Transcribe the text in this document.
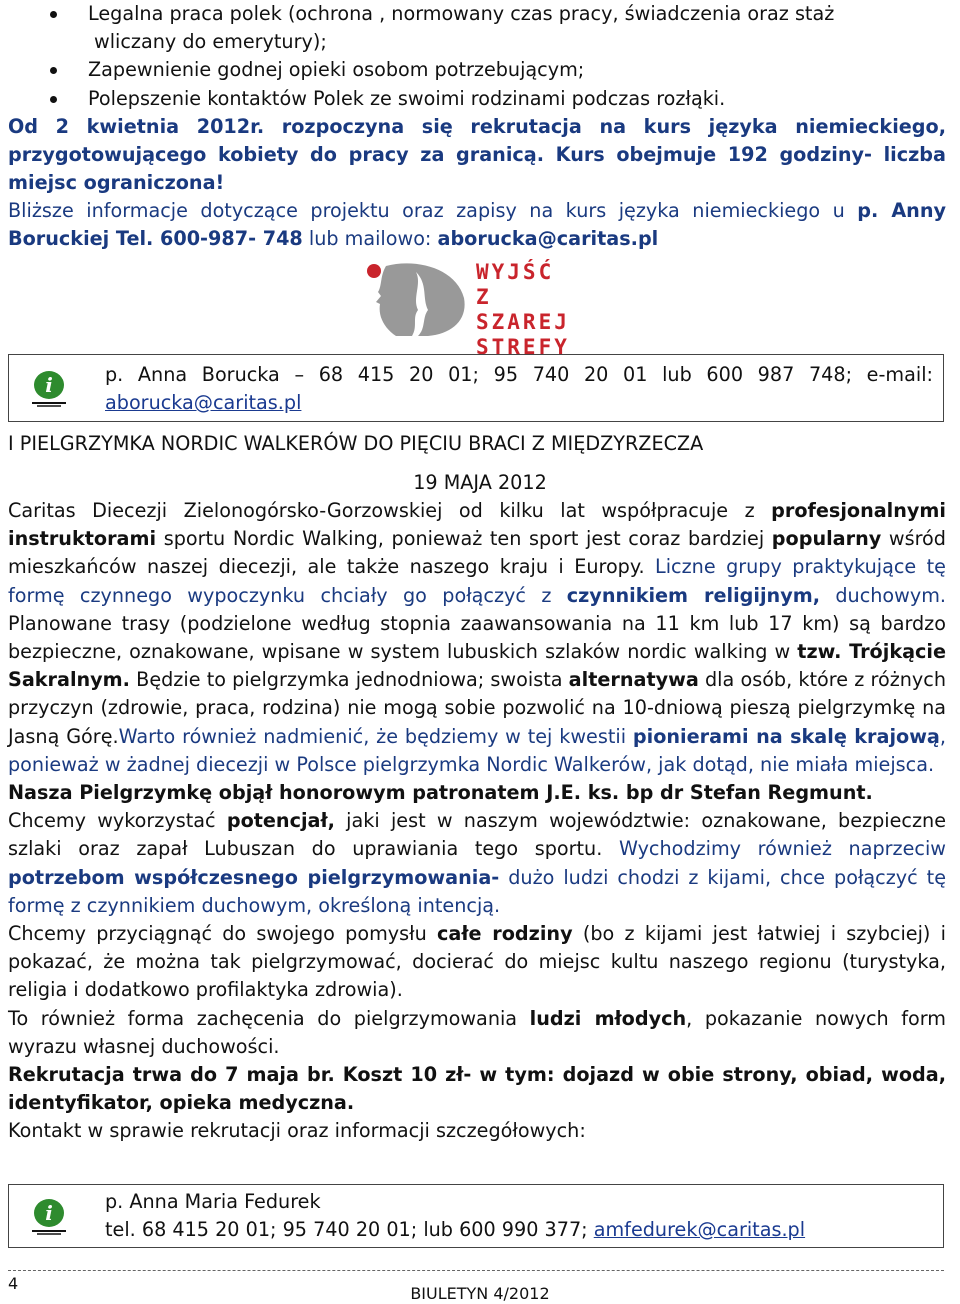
Legalna praca polek (ochrona , normowany czas pracy, świadczenia oraz staż
wliczany do emerytury);
Zapewnienie godnej opieki osobom potrzebującym;
Polepszenie kontaktów Polek ze swoimi rodzinami podczas rozłąki.

Od 2 kwietnia 2012r. rozpoczyna się rekrutacja na kurs języka niemieckiego, przygotowującego kobiety do pracy za granicą. Kurs obejmuje 192 godziny- liczba miejsc ograniczona!

Bliższe informacje dotyczące projektu oraz zapisy na kurs języka niemieckiego u p. Anny Boruckiej Tel. 600-987- 748 lub mailowo: aborucka@caritas.pl

WYJŚĆ
Z SZAREJ
STREFY
i	p. Anna Borucka – 68 415 20 01; 95 740 20 01 lub 600 987 748; e-mail: aborucka@caritas.pl

I PIELGRZYMKA NORDIC WALKERÓW DO PIĘCIU BRACI Z MIĘDZYRZECZA

19 MAJA 2012

Caritas Diecezji Zielonogórsko-Gorzowskiej od kilku lat współpracuje z profesjonalnymi instruktorami sportu Nordic Walking, ponieważ ten sport jest coraz bardziej popularny wśród mieszkańców naszej diecezji, ale także naszego kraju i Europy. Liczne grupy praktykujące tę formę czynnego wypoczynku chciały go połączyć z czynnikiem religijnym, duchowym. Planowane trasy (podzielone według stopnia zaawansowania na 11 km lub 17 km) są bardzo bezpieczne, oznakowane, wpisane w system lubuskich szlaków nordic walking w tzw. Trójkącie Sakralnym. Będzie to pielgrzymka jednodniowa; swoista alternatywa dla osób, które z różnych przyczyn (zdrowie, praca, rodzina) nie mogą sobie pozwolić na 10-dniową pieszą pielgrzymkę na Jasną Górę.Warto również nadmienić, że będziemy w tej kwestii pionierami na skalę krajową, ponieważ w żadnej diecezji w Polsce pielgrzymka Nordic Walkerów, jak dotąd, nie miała miejsca.

Nasza Pielgrzymkę objął honorowym patronatem J.E. ks. bp dr Stefan Regmunt.

Chcemy wykorzystać potencjał, jaki jest w naszym województwie: oznakowane, bezpieczne szlaki oraz zapał Lubuszan do uprawiania tego sportu. Wychodzimy również naprzeciw potrzebom współczesnego pielgrzymowania- dużo ludzi chodzi z kijami, chce połączyć tę formę z czynnikiem duchowym, określoną intencją.

Chcemy przyciągnąć do swojego pomysłu całe rodziny (bo z kijami jest łatwiej i szybciej) i pokazać, że można tak pielgrzymować, docierać do miejsc kultu naszego regionu (turystyka, religia i dodatkowo profilaktyka zdrowia).

To również forma zachęcenia do pielgrzymowania ludzi młodych, pokazanie nowych form wyrazu własnej duchowości.

Rekrutacja trwa do 7 maja br. Koszt 10 zł- w tym: dojazd w obie strony, obiad, woda, identyfikator, opieka medyczna.

Kontakt w sprawie rekrutacji oraz informacji szczegółowych:

i	p. Anna Maria Fedurek
tel. 68 415 20 01; 95 740 20 01; lub 600 990 377; amfedurek@caritas.pl
4
BIULETYN 4/2012
